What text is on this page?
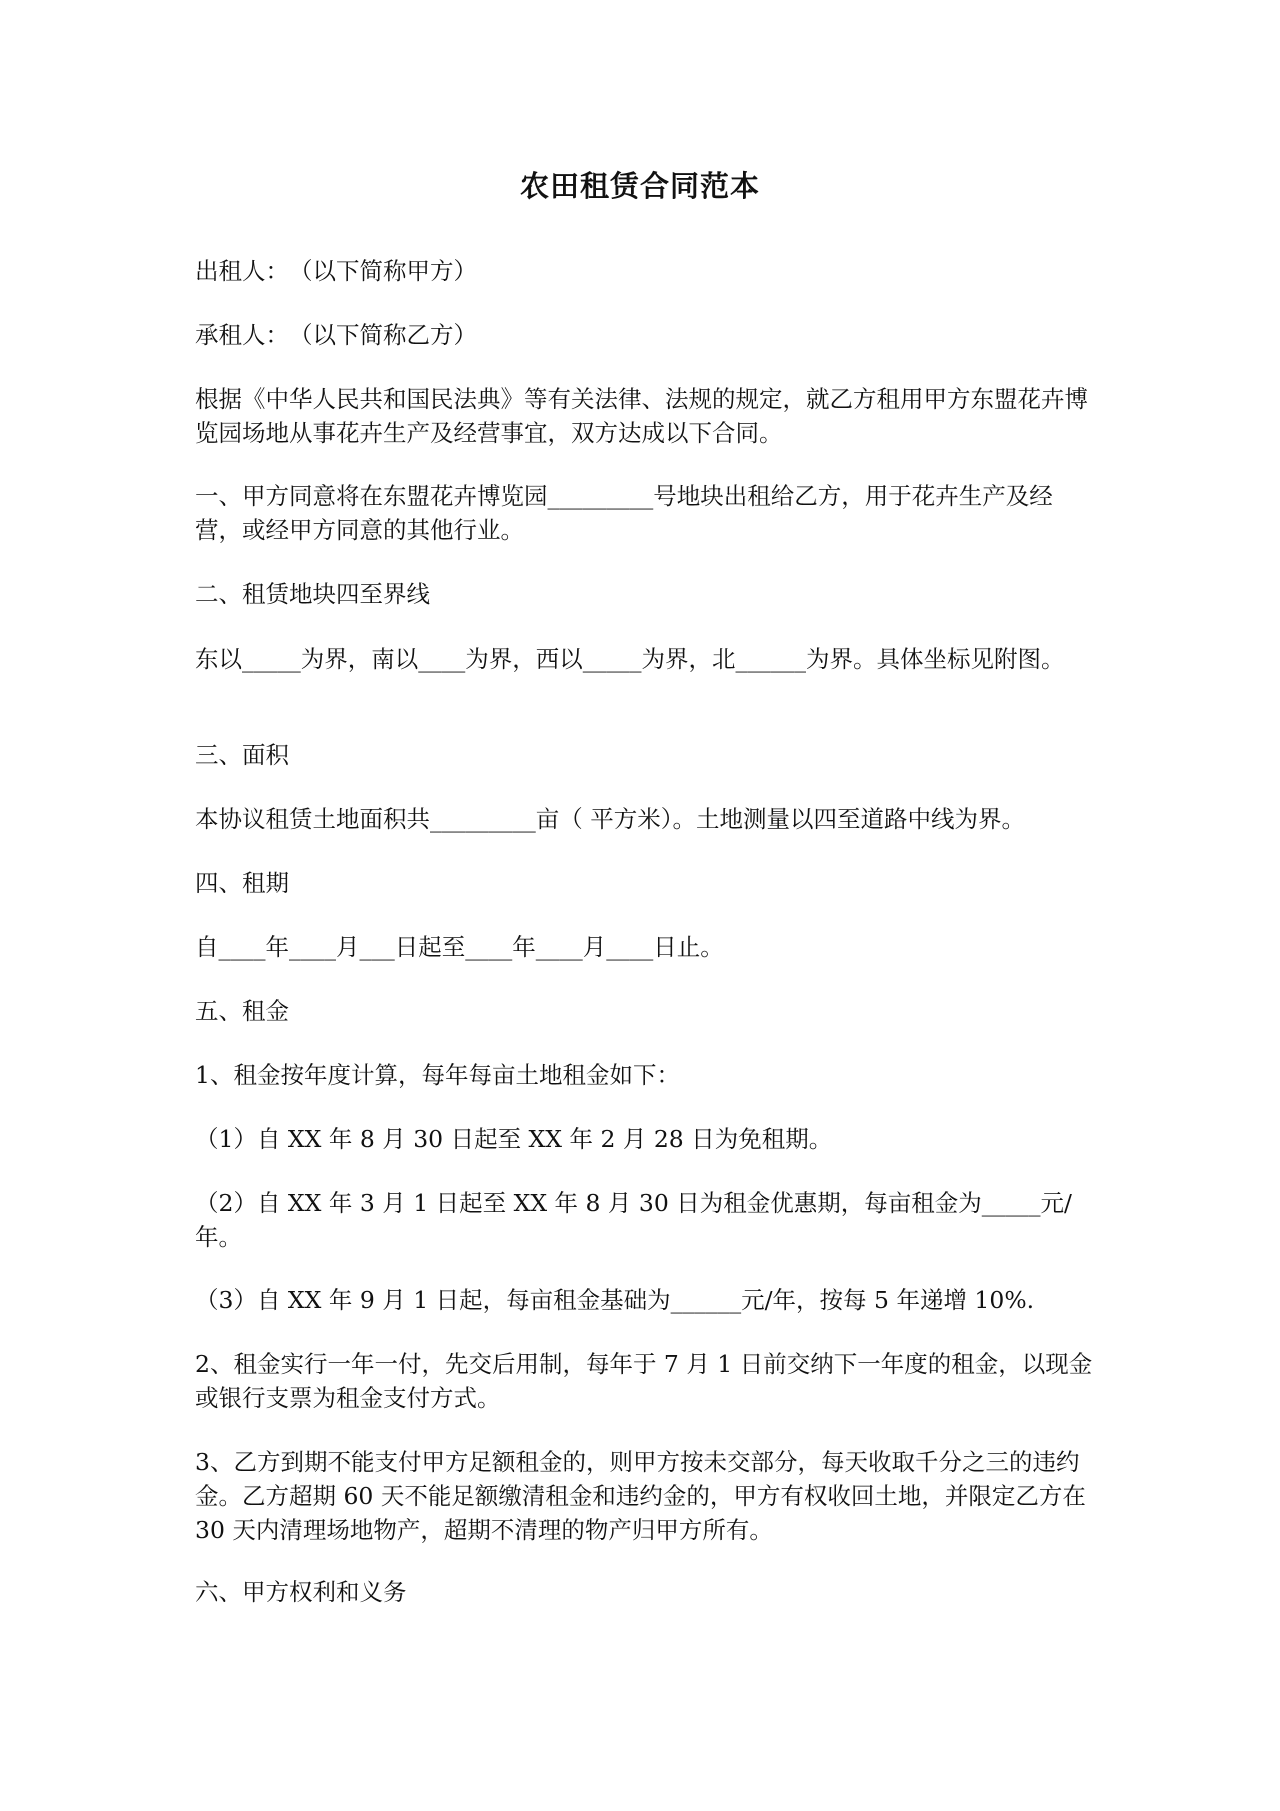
农田租赁合同范本
出租人：　（以下简称甲方）
承租人：　（以下简称乙方）
根据《中华人民共和国民法典》等有关法律、法规的规定，就乙方租用甲方东盟花卉博览园场地从事花卉生产及经营事宜，双方达成以下合同。
一、甲方同意将在东盟花卉博览园_________号地块出租给乙方，用于花卉生产及经营，或经甲方同意的其他行业。
二、租赁地块四至界线
东以_____为界，南以____为界，西以_____为界，北______为界。具体坐标见附图。
三、面积
本协议租赁土地面积共_________亩（ 平方米）。土地测量以四至道路中线为界。
四、租期
自____年____月___日起至____年____月____日止。
五、租金
1、租金按年度计算，每年每亩土地租金如下：
（1）自 XX 年 8 月 30 日起至 XX 年 2 月 28 日为免租期。
（2）自 XX 年 3 月 1 日起至 XX 年 8 月 30 日为租金优惠期，每亩租金为_____元/年。
（3）自 XX 年 9 月 1 日起，每亩租金基础为______元/年，按每 5 年递增 10%.
2、租金实行一年一付，先交后用制，每年于 7 月 1 日前交纳下一年度的租金，以现金或银行支票为租金支付方式。
3、乙方到期不能支付甲方足额租金的，则甲方按未交部分，每天收取千分之三的违约金。乙方超期 60 天不能足额缴清租金和违约金的，甲方有权收回土地，并限定乙方在 30 天内清理场地物产，超期不清理的物产归甲方所有。
六、甲方权利和义务
